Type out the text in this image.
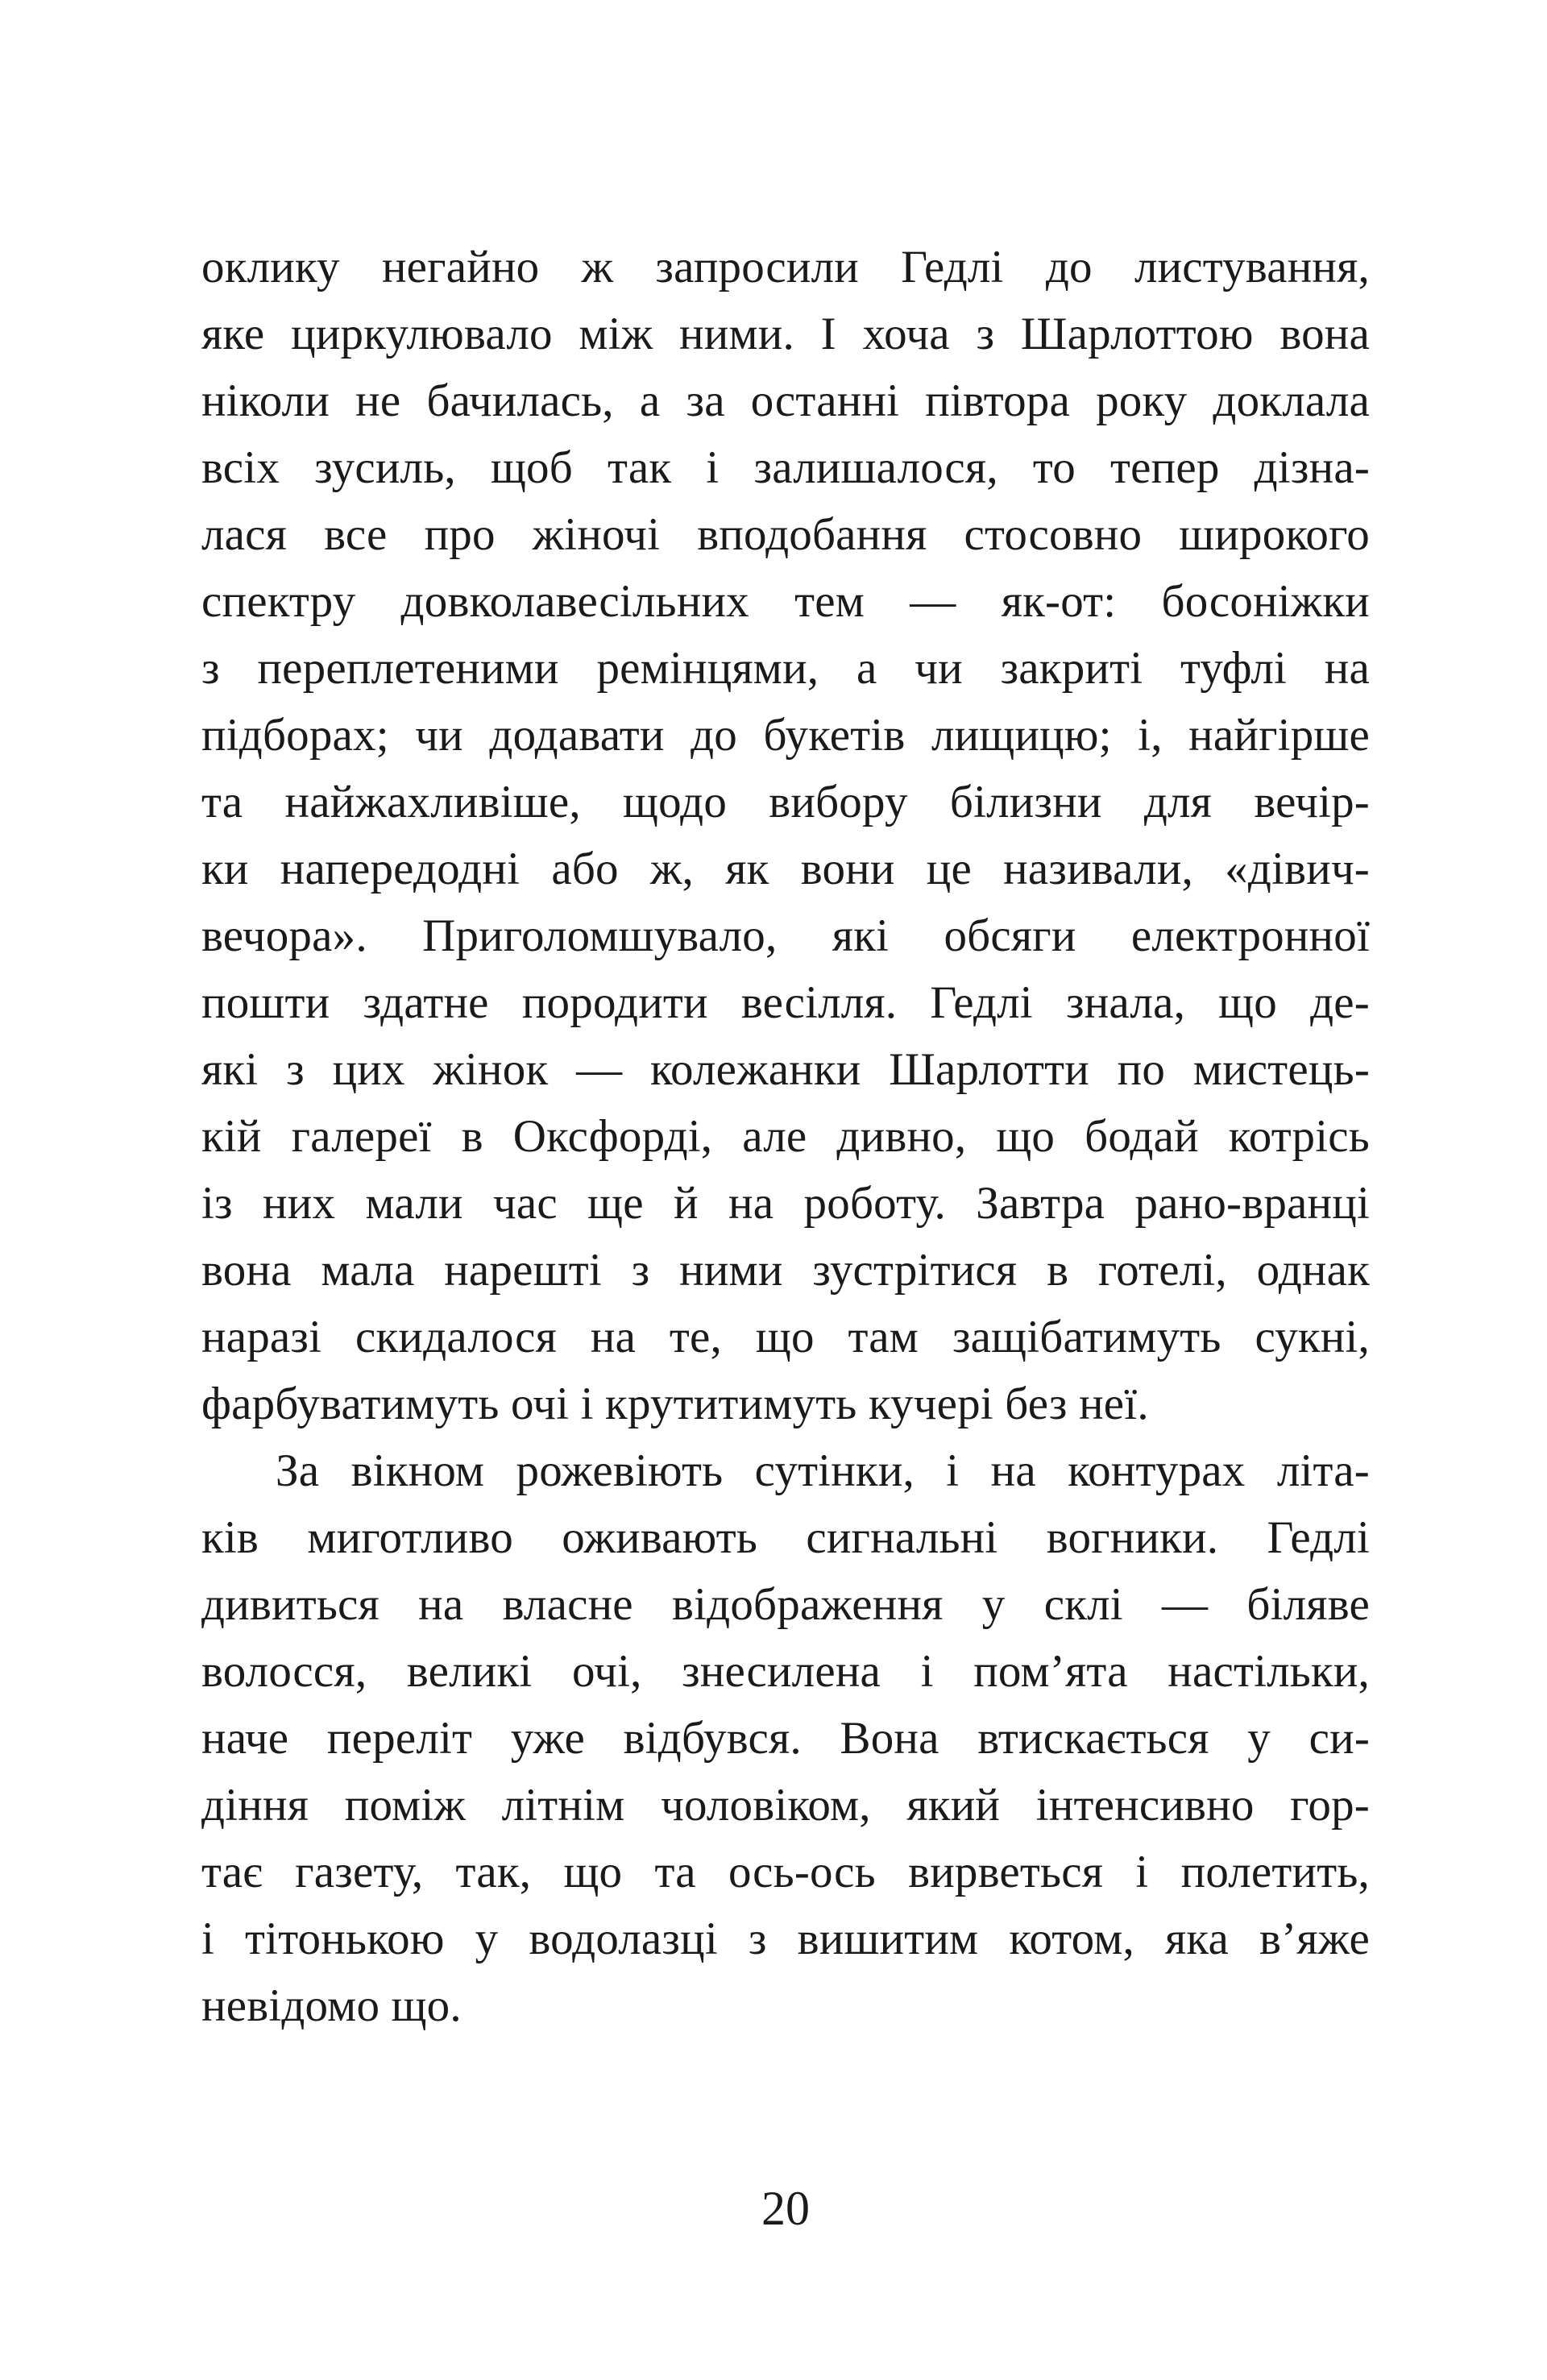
оклику негайно ж запросили Гедлі до листування,
яке циркулювало між ними. І хоча з Шарлоттою вона
ніколи не бачилась, а за останні півтора року доклала
всіх зусиль, щоб так і залишалося, то тепер дізна-
лася все про жіночі вподобання стосовно широкого
спектру довколавесільних тем — як-от: босоніжки
з переплетеними ремінцями, а чи закриті туфлі на
підборах; чи додавати до букетів лищицю; і, найгірше
та найжахливіше, щодо вибору білизни для вечір-
ки напередодні або ж, як вони це називали, «дівич-
вечора». Приголомшувало, які обсяги електронної
пошти здатне породити весілля. Гедлі знала, що де-
які з цих жінок — колежанки Шарлотти по мистець-
кій галереї в Оксфорді, але дивно, що бодай котрісь
із них мали час ще й на роботу. Завтра рано-вранці
вона мала нарешті з ними зустрітися в готелі, однак
наразі скидалося на те, що там защібатимуть сукні,
фарбуватимуть очі і крутитимуть кучері без неї.
За вікном рожевіють сутінки, і на контурах літа-
ків миготливо оживають сигнальні вогники. Гедлі
дивиться на власне відображення у склі — біляве
волосся, великі очі, знесилена і пом’ята настільки,
наче переліт уже відбувся. Вона втискається у си-
діння поміж літнім чоловіком, який інтенсивно гор-
тає газету, так, що та ось-ось вирветься і полетить,
і тітонькою у водолазці з вишитим котом, яка в’яже
невідомо що.
20
